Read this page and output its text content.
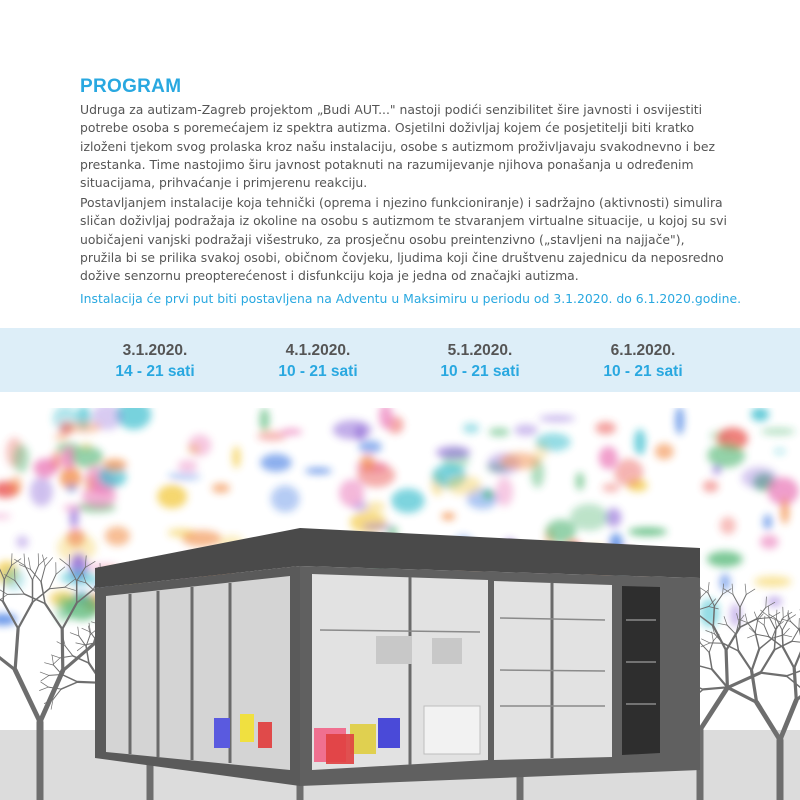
PROGRAM

Udruga za autizam-Zagreb projektom „Budi AUT..." nastoji podići senzibilitet šire javnosti i osvijestiti potrebe osoba s poremećajem iz spektra autizma. Osjetilni doživljaj kojem će posjetitelji biti kratko izloženi tjekom svog prolaska kroz našu instalaciju, osobe s autizmom proživljavaju svakodnevno i bez prestanka. Time nastojimo širu javnost potaknuti na razumijevanje njihova ponašanja u određenim situacijama, prihvaćanje i primjerenu reakciju.

Postavljanjem instalacije koja tehnički (oprema i njezino funkcioniranje) i sadržajno (aktivnosti) simulira sličan doživljaj podražaja iz okoline na osobu s autizmom te stvaranjem virtualne situacije, u kojoj su svi uobičajeni vanjski podražaji višestruko, za prosječnu osobu preintenzivno („stavljeni na najjače"), pružila bi se prilika svakoj osobi, običnom čovjeku, ljudima koji čine društvenu zajednicu da neposredno dožive senzornu preopterećenost i disfunkciju koja je jedna od značajki autizma.

Instalacija će prvi put biti postavljena na Adventu u Maksimiru u periodu od 3.1.2020. do 6.1.2020.godine.

3.1.2020.
14 - 21 sati
4.1.2020.
10 - 21 sati
5.1.2020.
10 - 21 sati
6.1.2020.
10 - 21 sati
